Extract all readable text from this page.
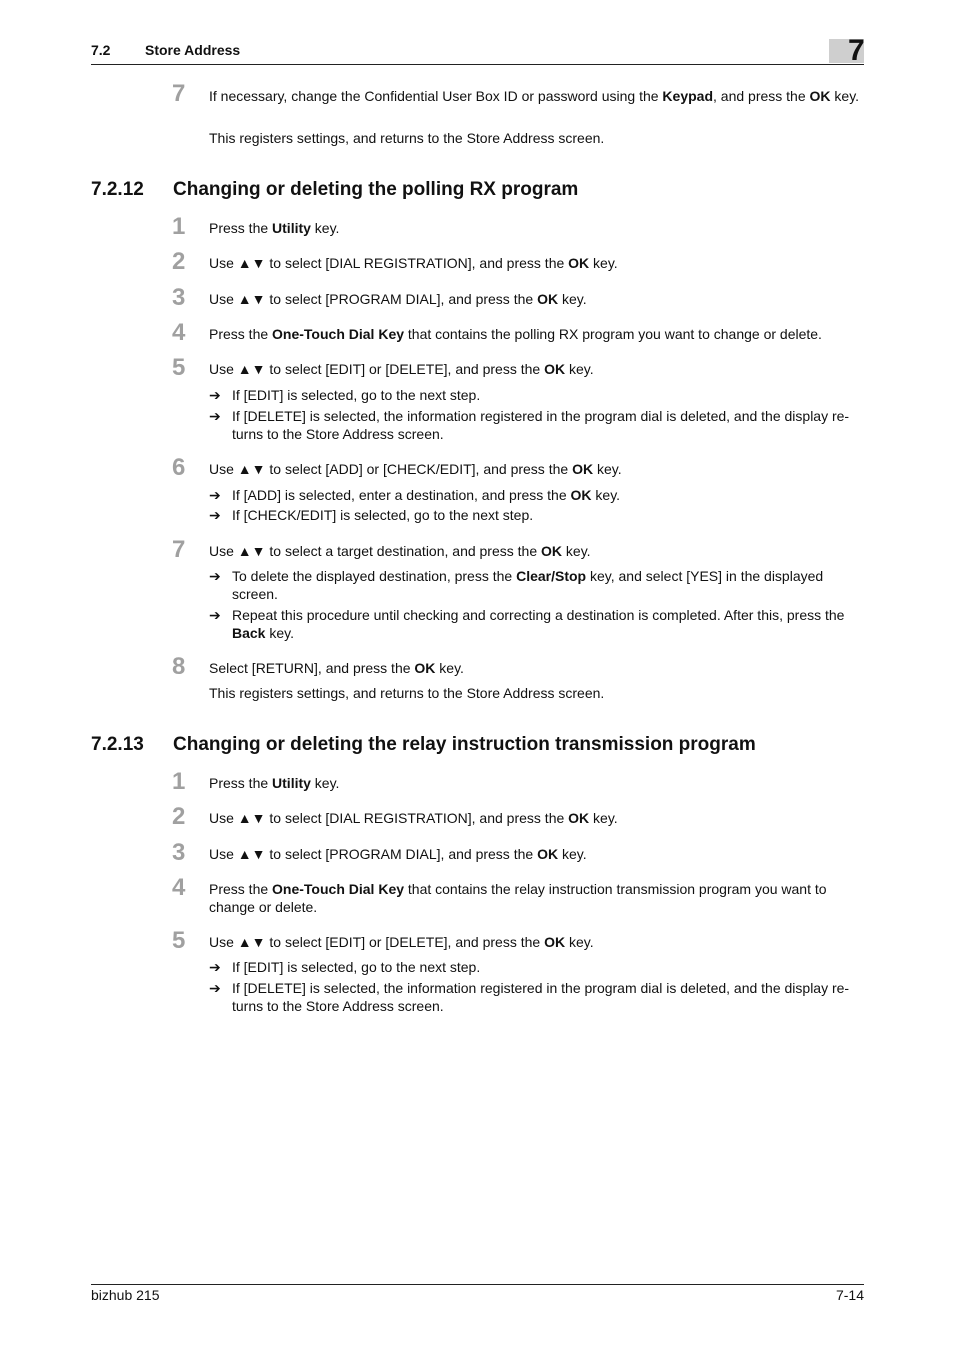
7.2 Store Address	7
7 If necessary, change the Confidential User Box ID or password using the Keypad, and press the OK key.
This registers settings, and returns to the Store Address screen.
7.2.12 Changing or deleting the polling RX program
1 Press the Utility key.
2 Use ▲▼ to select [DIAL REGISTRATION], and press the OK key.
3 Use ▲▼ to select [PROGRAM DIAL], and press the OK key.
4 Press the One-Touch Dial Key that contains the polling RX program you want to change or delete.
5 Use ▲▼ to select [EDIT] or [DELETE], and press the OK key.
➔ If [EDIT] is selected, go to the next step.
➔ If [DELETE] is selected, the information registered in the program dial is deleted, and the display re-turns to the Store Address screen.
6 Use ▲▼ to select [ADD] or [CHECK/EDIT], and press the OK key.
➔ If [ADD] is selected, enter a destination, and press the OK key.
➔ If [CHECK/EDIT] is selected, go to the next step.
7 Use ▲▼ to select a target destination, and press the OK key.
➔ To delete the displayed destination, press the Clear/Stop key, and select [YES] in the displayed screen.
➔ Repeat this procedure until checking and correcting a destination is completed. After this, press the Back key.
8 Select [RETURN], and press the OK key.
This registers settings, and returns to the Store Address screen.
7.2.13 Changing or deleting the relay instruction transmission program
1 Press the Utility key.
2 Use ▲▼ to select [DIAL REGISTRATION], and press the OK key.
3 Use ▲▼ to select [PROGRAM DIAL], and press the OK key.
4 Press the One-Touch Dial Key that contains the relay instruction transmission program you want to change or delete.
5 Use ▲▼ to select [EDIT] or [DELETE], and press the OK key.
➔ If [EDIT] is selected, go to the next step.
➔ If [DELETE] is selected, the information registered in the program dial is deleted, and the display re-turns to the Store Address screen.
bizhub 215	7-14
